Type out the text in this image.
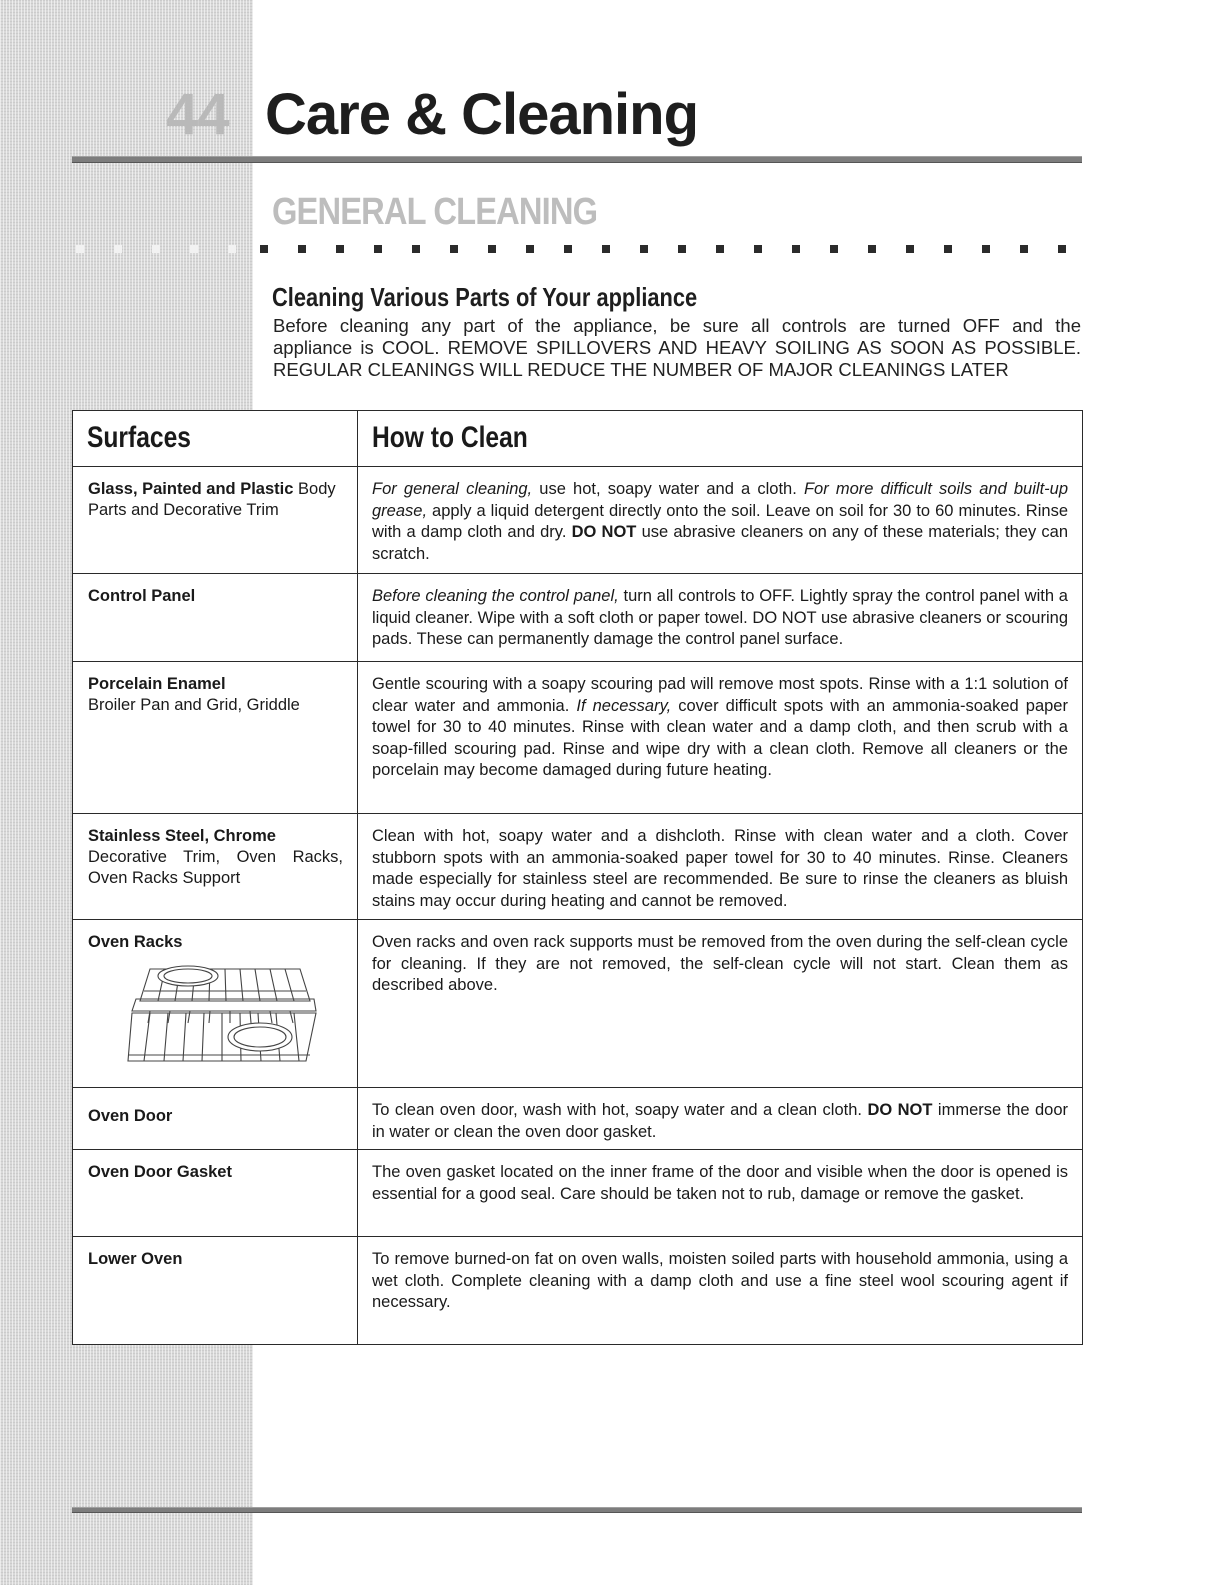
44 Care & Cleaning
GENERAL CLEANING
Cleaning Various Parts of Your appliance
Before cleaning any part of the appliance, be sure all controls are turned OFF and the
appliance is COOL. REMOVE SPILLOVERS AND HEAVY SOILING AS SOON AS POSSIBLE.
REGULAR CLEANINGS WILL REDUCE THE NUMBER OF MAJOR CLEANINGS LATER
Surfaces	How to Clean
Glass, Painted and Plastic Body Parts and Decorative Trim	For general cleaning, use hot, soapy water and a cloth. For more difficult soils and built-up grease, apply a liquid detergent directly onto the soil. Leave on soil for 30 to 60 minutes. Rinse with a damp cloth and dry. DO NOT use abrasive cleaners on any of these materials; they can scratch.

Control Panel	Before cleaning the control panel, turn all controls to OFF. Lightly spray the control panel with a liquid cleaner. Wipe with a soft cloth or paper towel. DO NOT use abrasive cleaners or scouring pads. These can permanently damage the control panel surface.

Porcelain Enamel
Broiler Pan and Grid, Griddle	Gentle scouring with a soapy scouring pad will remove most spots. Rinse with a 1:1 solution of clear water and ammonia. If necessary, cover difficult spots with an ammonia-soaked paper towel for 30 to 40 minutes. Rinse with clean water and a damp cloth, and then scrub with a soap-filled scouring pad. Rinse and wipe dry with a clean cloth. Remove all cleaners or the porcelain may become damaged during future heating.

Stainless Steel, Chrome
Decorative Trim, Oven Racks, Oven Racks Support	Clean with hot, soapy water and a dishcloth. Rinse with clean water and a cloth. Cover stubborn spots with an ammonia-soaked paper towel for 30 to 40 minutes. Rinse. Cleaners made especially for stainless steel are recommended. Be sure to rinse the cleaners as bluish stains may occur during heating and cannot be removed.

Oven Racks	Oven racks and oven rack supports must be removed from the oven during the self-clean cycle for cleaning. If they are not removed, the self-clean cycle will not start. Clean them as described above.

Oven Door	To clean oven door, wash with hot, soapy water and a clean cloth. DO NOT immerse the door in water or clean the oven door gasket.

Oven Door Gasket	The oven gasket located on the inner frame of the door and visible when the door is opened is essential for a good seal. Care should be taken not to rub, damage or remove the gasket.

Lower Oven	To remove burned-on fat on oven walls, moisten soiled parts with household ammonia, using a wet cloth. Complete cleaning with a damp cloth and use a fine steel wool scouring agent if necessary.
